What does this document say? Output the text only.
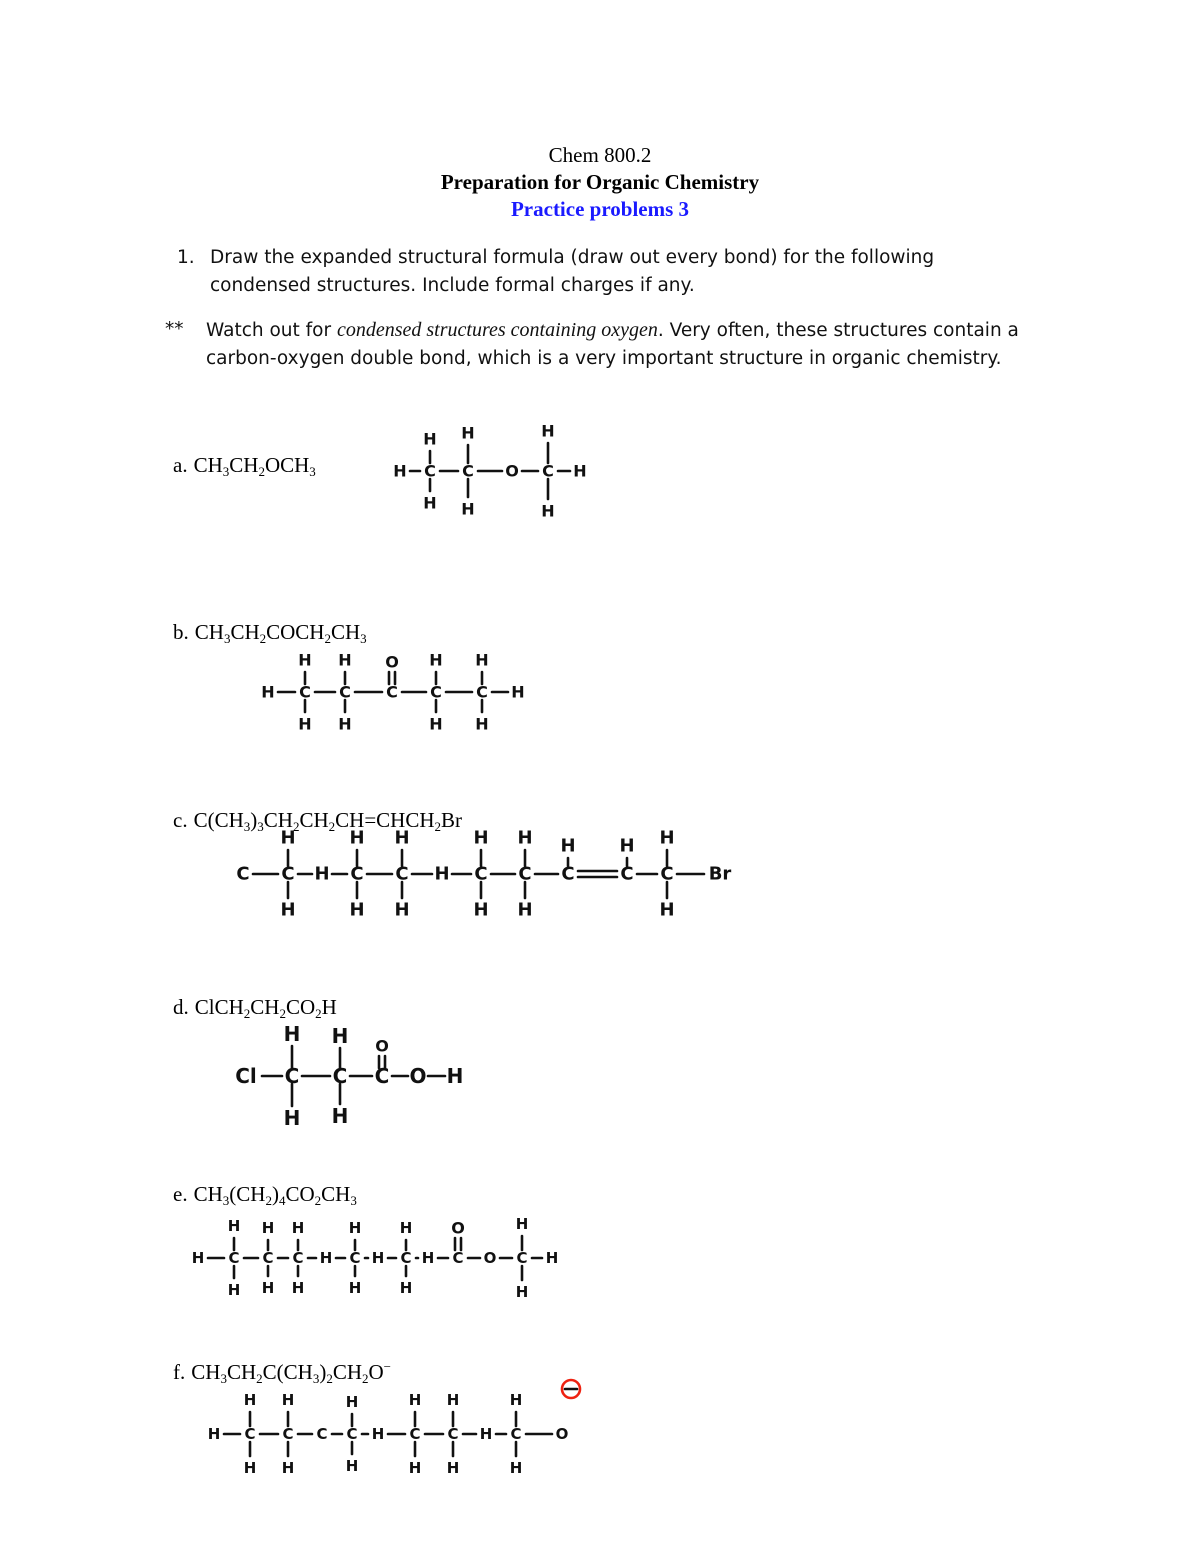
Chem 800.2
Preparation for Organic Chemistry
Practice problems 3
1. Draw the expanded structural formula (draw out every bond) for the following condensed structures. Include formal charges if any.
** Watch out for condensed structures containing oxygen. Very often, these structures contain a carbon-oxygen double bond, which is a very important structure in organic chemistry.
a. $CH_3CH_2OCH_3$
b. $CH_3CH_2COCH_2CH_3$
c. $C(CH_3)_3CH_2CH_2CH=CHCH_2Br$
d. $ClCH_2CH_2CO_2H$
e. $CH_3(CH_2)_4CO_2CH_3$
f. $CH_3CH_2C(CH_3)_2CH_2O^-$
H C
H
H
C
H
H
O C
H
H
H
H C
H
H
C
H
H
C
O
C
H
H
C
H
H
H
C C
H
H
H C
H
H
C
H
H
H C
H
H
C
H
H
C
H
C
H
C
H
H
Br
Cl C
H
H
C
H
H
C
O
O H
H C
H
H
C
H
H
C
H
H
H C
H
H
H C
H
H
H C
O
O C
H
H
H
H C
H
H
C
H
H
C C
H
H
H C
H
H
C
H
H
H C
H
H
O
